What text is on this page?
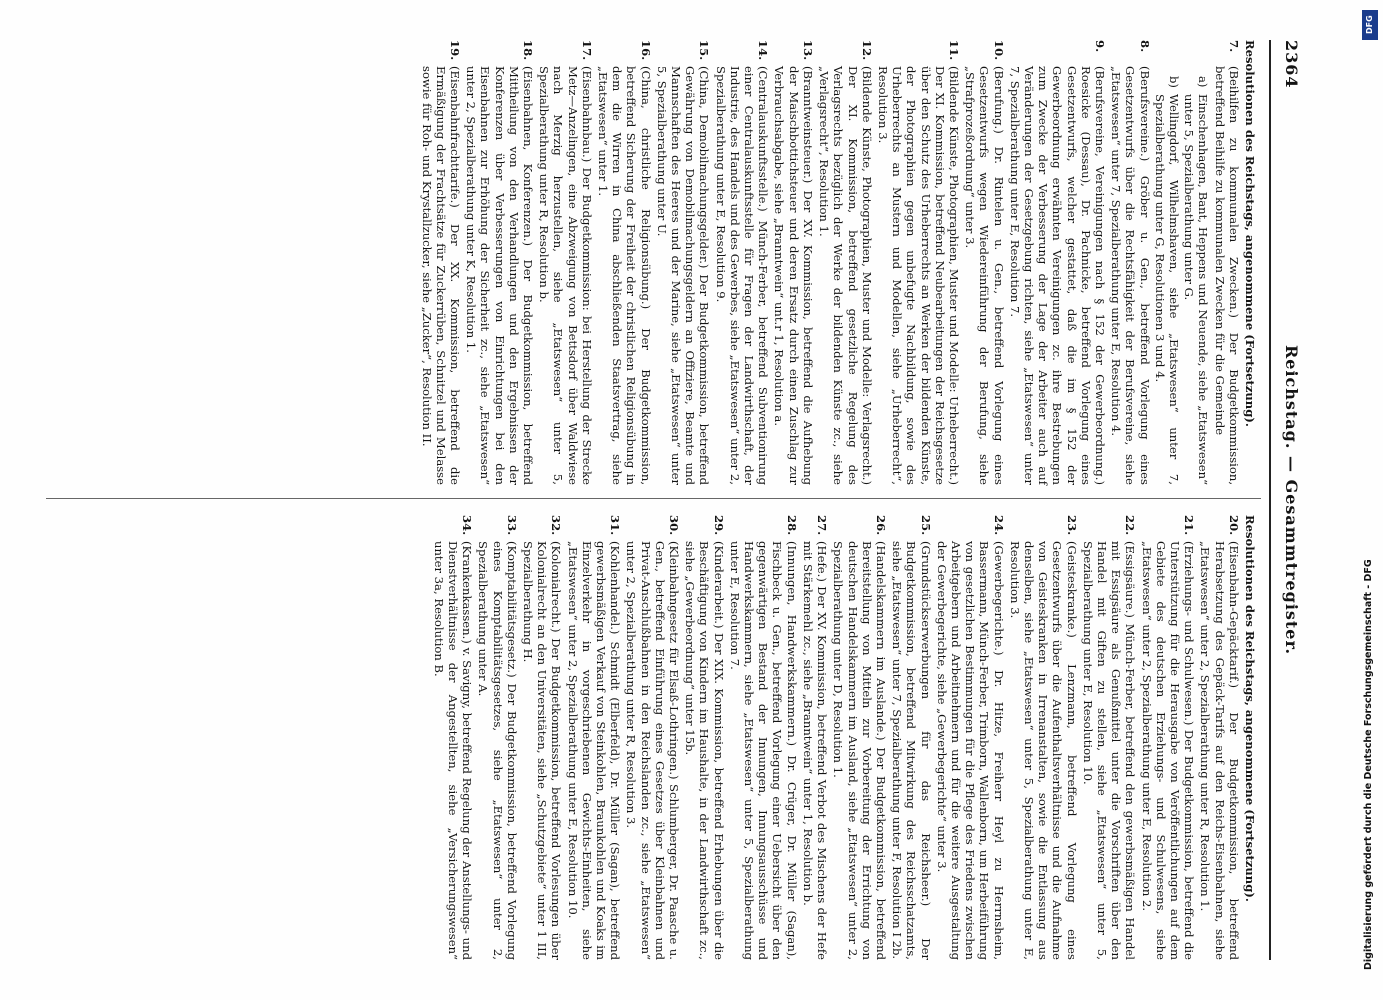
2364
Reichstag. — Gesammtregister.
Resolutionen des Reichstags, angenommene (Fortsetzung).
7.
(Beihilfen zu kommunalen Zwecken.) Der Budgetkommission, betreffend Beihilfe zu kommunalen Zwecken für die Gemeinde
a)
Einschenhagen, Bant, Heppens und Neuende, siehe „Etatswesen“ unter 5, Spezialberathung unter G.
b)
Wellingdorf, Wilhelmshaven, siehe „Etatswesen“ unter 7, Spezialberathung unter G, Resolutionen 3 und 4.
8.
(Berufsvereine.) Gröber u. Gen., betreffend Vorlegung eines Gesetzentwurfs über die Rechtsfähigkeit der Berufsvereine, siehe „Etatswesen“ unter 7, Spezialberathung unter E, Resolution 4.
9.
(Berufsvereine, Vereinigungen nach § 152 der Gewerbeordnung.) Roesicke (Dessau), Dr. Pachnicke, betreffend Vorlegung eines Gesetzentwurfs, welcher gestattet, daß die im § 152 der Gewerbeordnung erwähnten Vereinigungen zc. ihre Bestrebungen zum Zwecke der Verbesserung der Lage der Arbeiter auch auf Veränderungen der Gesetzgebung richten, siehe „Etatswesen“ unter 7, Spezialberathung unter E, Resolution 7.
10.
(Berufung.) Dr. Rintelen u. Gen., betreffend Vorlegung eines Gesetzentwurfs wegen Wiedereinführung der Berufung, siehe „Strafprozeßordnung“ unter 3.
11.
(Bildende Künste, Photographien, Muster und Modelle: Urheberrecht.) Der XI. Kommission, betreffend Neubearbeitungen der Reichsgesetze über den Schutz des Urheberrechts an Werken der bildenden Künste, der Photographien gegen unbefugte Nachbildung, sowie des Urheberrechts an Mustern und Modellen, siehe „Urheberrecht“, Resolution 3.
12.
(Bildende Künste, Photographien, Muster und Modelle: Verlagsrecht.) Der XI. Kommission, betreffend gesetzliche Regelung des Verlagsrechts bezüglich der Werke der bildenden Künste zc., siehe „Verlagsrecht“, Resolution 1.
13.
(Branntweinsteuer.) Der XV. Kommission, betreffend die Aufhebung der Maischbottichsteuer und deren Ersatz durch einen Zuschlag zur Verbrauchsabgabe, siehe „Branntwein“ unt.r 1, Resolution a.
14.
(Centralauskunftsstelle.) Münch-Ferber, betreffend Subventionirung einer Centralauskunftsstelle für Fragen der Landwirthschaft, der Industrie, des Handels und des Gewerbes, siehe „Etatswesen“ unter 2, Spezialberathung unter E, Resolution 9.
15.
(China, Demobilmachungsgelder.) Der Budgetkommission, betreffend Gewährung von Demobilmachungsgeldern an Offiziere, Beamte und Mannschaften des Heeres und der Marine, siehe „Etatswesen“ unter 5, Spezialberathung unter U.
16.
(China, christliche Religionsübung.) Der Budgetkommission, betreffend Sicherung der Freiheit der christlichen Religionsübung in dem die Wirren in China abschließenden Staatsvertrag, siehe „Etatswesen“ unter 1.
17.
(Eisenbahnbau.) Der Budgetkommission: bei Herstellung der Strecke Metz—Anzelingen, eine Abzweigung von Bettsdorf über Waldwiese nach Merzig herzustellen, siehe „Etatswesen“ unter 5, Spezialberathung unter R, Resolution b.
18.
(Eisenbahnen, Konferenzen.) Der Budgetkommission, betreffend Mittheilung von den Verhandlungen und den Ergebnissen der Konferenzen über Verbesserungen von Einrichtungen bei den Eisenbahnen zur Erhöhung der Sicherheit zc., siehe „Etatswesen“ unter 2, Spezialberathung unter K, Resolution 1.
19.
(Eisenbahnfrachttarife.) Der XX. Kommission, betreffend die Ermäßigung der Frachtsätze für Zuckerrüben, Schnitzel und Melasse sowie für Roh- und Krystallzucker, siehe „Zucker“, Resolution II.
Resolutionen des Reichstags, angenommene (Fortsetzung).
20.
(Eisenbahn-Gepäcktarif.) Der Budgetkommission, betreffend Herabsetzung des Gepäck-Tarifs auf den Reichs-Eisenbahnen, siehe „Etatswesen“ unter 2, Spezialberathung unter R, Resolution 1.
21.
(Erziehungs- und Schulwesen.) Der Budgetkommission, betreffend die Unterstützung für die Herausgabe von Veröffentlichungen auf dem Gebiete des deutschen Erziehungs- und Schulwesens, siehe „Etatswesen“ unter 2, Spezialberathung unter E, Resolution 2.
22.
(Essigsäure.) Münch-Ferber, betreffend den gewerbsmäßigen Handel mit Essigsäure als Genußmittel unter die Vorschriften über den Handel mit Giften zu stellen, siehe „Etatswesen“ unter 5, Spezialberathung unter E, Resolution 10.
23.
(Geisteskranke.) Lenzmann, betreffend Vorlegung eines Gesetzentwurfs über die Aufenthaltsverhältnisse und die Aufnahme von Geisteskranken in Irrenanstalten, sowie die Entlassung aus denselben, siehe „Etatswesen“ unter 5, Spezialberathung unter E, Resolution 3.
24.
(Gewerbegerichte.) Dr. Hitze, Freiherr Heyl zu Herrnsheim, Bassermann, Münch-Ferber, Trimborn, Wallenborn, um Herbeiführung von gesetzlichen Bestimmungen für die Pflege des Friedens zwischen Arbeitgebern und Arbeitnehmern und für die weitere Ausgestaltung der Gewerbegerichte, siehe „Gewerbegerichte“ unter 3.
25.
(Grundstückserwerbungen für das Reichsheer.) Der Budgetkommission, betreffend Mitwirkung des Reichsschatzamts, siehe „Etatswesen“ unter 7, Spezialberathung unter F, Resolution I 2b.
26.
(Handelskammern im Auslande.) Der Budgetkommission, betreffend Bereitstellung von Mitteln zur Vorbereitung der Errichtung von deutschen Handelskammern im Ausland, siehe „Etatswesen“ unter 2, Spezialberathung unter D, Resolution 1.
27.
(Hefe.) Der XV. Kommission, betreffend Verbot des Mischens der Hefe mit Stärkemehl zc., siehe „Branntwein“ unter 1, Resolution b.
28.
(Innungen, Handwerkskammern.) Dr. Crüger, Dr. Müller (Sagan), Fischbeck u. Gen., betreffend Vorlegung einer Uebersicht über den gegenwärtigen Bestand der Innungen, Innungsausschüsse und Handwerkskammern, siehe „Etatswesen“ unter 5, Spezialberathung unter E, Resolution 7.
29.
(Kinderarbeit.) Der XIX. Kommission, betreffend Erhebungen über die Beschäftigung von Kindern im Haushalte, in der Landwirthschaft zc., siehe „Gewerbeordnung“ unter 15b.
30.
(Kleinbahngesetz für Elsaß-Lothringen.) Schlumberger, Dr. Paasche u. Gen., betreffend Einführung eines Gesetzes über Kleinbahnen und Privat-Anschlußbahnen in den Reichslanden zc., siehe „Etatswesen“ unter 2, Spezialberathung unter R, Resolution 3.
31.
(Kohlenhandel.) Schmidt (Elberfeld), Dr. Müller (Sagan), betreffend gewerbsmäßigen Verkauf von Steinkohlen, Braunkohlen und Koaks im Einzelverkehr in vorgeschriebenen Gewichts-Einheiten, siehe „Etatswesen“ unter 2, Spezialberathung unter E, Resolution 10.
32.
(Kolonialrecht.) Der Budgetkommission, betreffend Vorlesungen über Kolonialrecht an den Universitäten, siehe „Schutzgebiete“ unter 1 III, Spezialberathung H.
33.
(Komptabilitätsgesetz.) Der Budgetkommission, betreffend Vorlegung eines Komptabilitätsgesetzes, siehe „Etatswesen“ unter 2, Spezialberathung unter A.
34.
(Krankenkassen.) v. Savigny, betreffend Regelung der Anstellungs- und Dienstverhältnisse der Angestellten, siehe „Versicherungswesen“ unter 3a, Resolution B.
DFG
Digitalisierung gefördert durch die Deutsche Forschungsgemeinschaft - DFG
